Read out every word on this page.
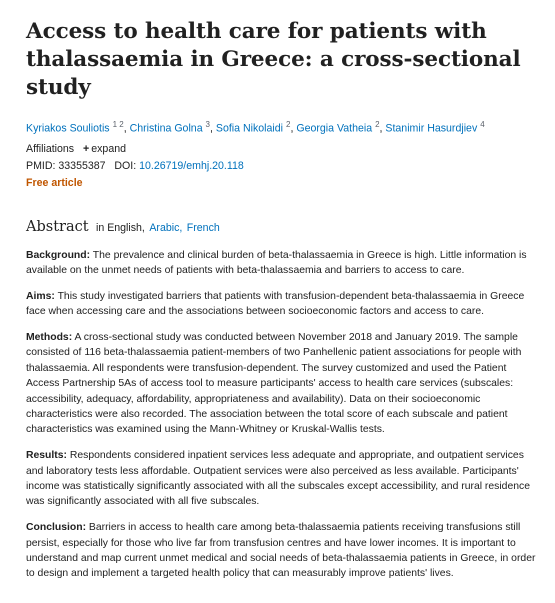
Access to health care for patients with thalassaemia in Greece: a cross-sectional study
Kyriakos Souliotis $^{1 2}$, Christina Golna $^3$, Sofia Nikolaidi $^2$, Georgia Vatheia $^2$, Stanimir Hasurdjiev $^4$
Affiliations + expand
PMID: 33355387 DOI: 10.26719/emhj.20.118
Free article
Abstract in English, Arabic, French

Background: The prevalence and clinical burden of beta-thalassaemia in Greece is high. Little information is available on the unmet needs of patients with beta-thalassaemia and barriers to access to care.

Aims: This study investigated barriers that patients with transfusion-dependent beta-thalassaemia in Greece face when accessing care and the associations between socioeconomic factors and access to care.

Methods: A cross-sectional study was conducted between November 2018 and January 2019. The sample consisted of 116 beta-thalassaemia patient-members of two Panhellenic patient associations for people with thalassaemia. All respondents were transfusion-dependent. The survey customized and used the Patient Access Partnership 5As of access tool to measure participants' access to health care services (subscales: accessibility, adequacy, affordability, appropriateness and availability). Data on their socioeconomic characteristics were also recorded. The association between the total score of each subscale and patient characteristics was examined using the Mann-Whitney or Kruskal-Wallis tests.

Results: Respondents considered inpatient services less adequate and appropriate, and outpatient services and laboratory tests less affordable. Outpatient services were also perceived as less available. Participants' income was statistically significantly associated with all the subscales except accessibility, and rural residence was significantly associated with all five subscales.

Conclusion: Barriers in access to health care among beta-thalassaemia patients receiving transfusions still persist, especially for those who live far from transfusion centres and have lower incomes. It is important to understand and map current unmet medical and social needs of beta-thalassaemia patients in Greece, in order to design and implement a targeted health policy that can measurably improve patients' lives.
